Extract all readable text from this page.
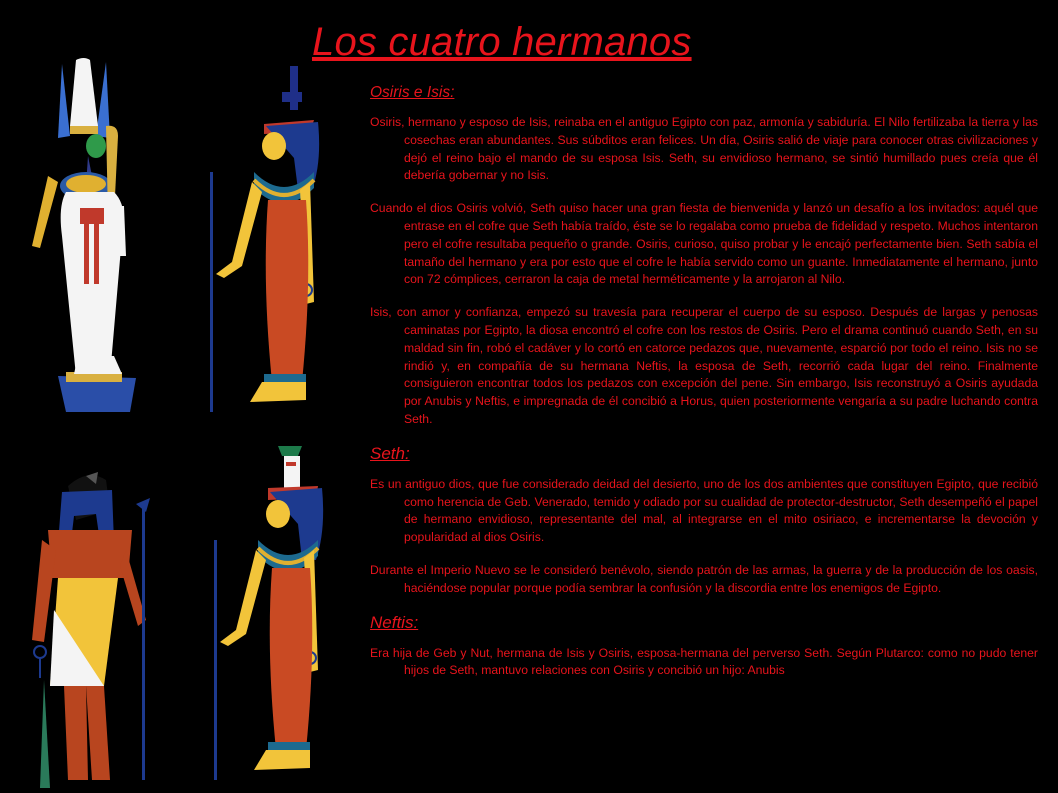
Los cuatro hermanos
Osiris e Isis:

Osiris, hermano y esposo de Isis, reinaba en el antiguo Egipto con paz, armonía y sabiduría. El Nilo fertilizaba la tierra y las cosechas eran abundantes. Sus súbditos eran felices. Un día, Osiris salió de viaje para conocer otras civilizaciones y dejó el reino bajo el mando de su esposa Isis. Seth, su envidioso hermano, se sintió humillado pues creía que él debería gobernar y no Isis.

Cuando el dios Osiris volvió, Seth quiso hacer una gran fiesta de bienvenida y lanzó un desafío a los invitados: aquél que entrase en el cofre que Seth había traído, éste se lo regalaba como prueba de fidelidad y respeto. Muchos intentaron pero el cofre resultaba pequeño o grande. Osiris, curioso, quiso probar y le encajó perfectamente bien. Seth sabía el tamaño del hermano y era por esto que el cofre le había servido como un guante. Inmediatamente el hermano, junto con 72 cómplices, cerraron la caja de metal herméticamente y la arrojaron al Nilo.

Isis, con amor y confianza, empezó su travesía para recuperar el cuerpo de su esposo. Después de largas y penosas caminatas por Egipto, la diosa encontró el cofre con los restos de Osiris. Pero el drama continuó cuando Seth, en su maldad sin fin, robó el cadáver y lo cortó en catorce pedazos que, nuevamente, esparció por todo el reino. Isis no se rindió y, en compañía de su hermana Neftis, la esposa de Seth, recorrió cada lugar del reino. Finalmente consiguieron encontrar todos los pedazos con excepción del pene. Sin embargo, Isis reconstruyó a Osiris ayudada por Anubis y Neftis, e impregnada de él concibió a Horus, quien posteriormente vengaría a su padre luchando contra Seth.

Seth:

Es un antiguo dios, que fue considerado deidad del desierto, uno de los dos ambientes que constituyen Egipto, que recibió como herencia de Geb. Venerado, temido y odiado por su cualidad de protector-destructor, Seth desempeñó el papel de hermano envidioso, representante del mal, al integrarse en el mito osiriaco, e incrementarse la devoción y popularidad al dios Osiris.

Durante el Imperio Nuevo se le consideró benévolo, siendo patrón de las armas, la guerra y de la producción de los oasis, haciéndose popular porque podía sembrar la confusión y la discordia entre los enemigos de Egipto.

Neftis:

Era hija de Geb y Nut, hermana de Isis y Osiris, esposa-hermana del perverso Seth. Según Plutarco: como no pudo tener hijos de Seth, mantuvo relaciones con Osiris y concibió un hijo: Anubis
